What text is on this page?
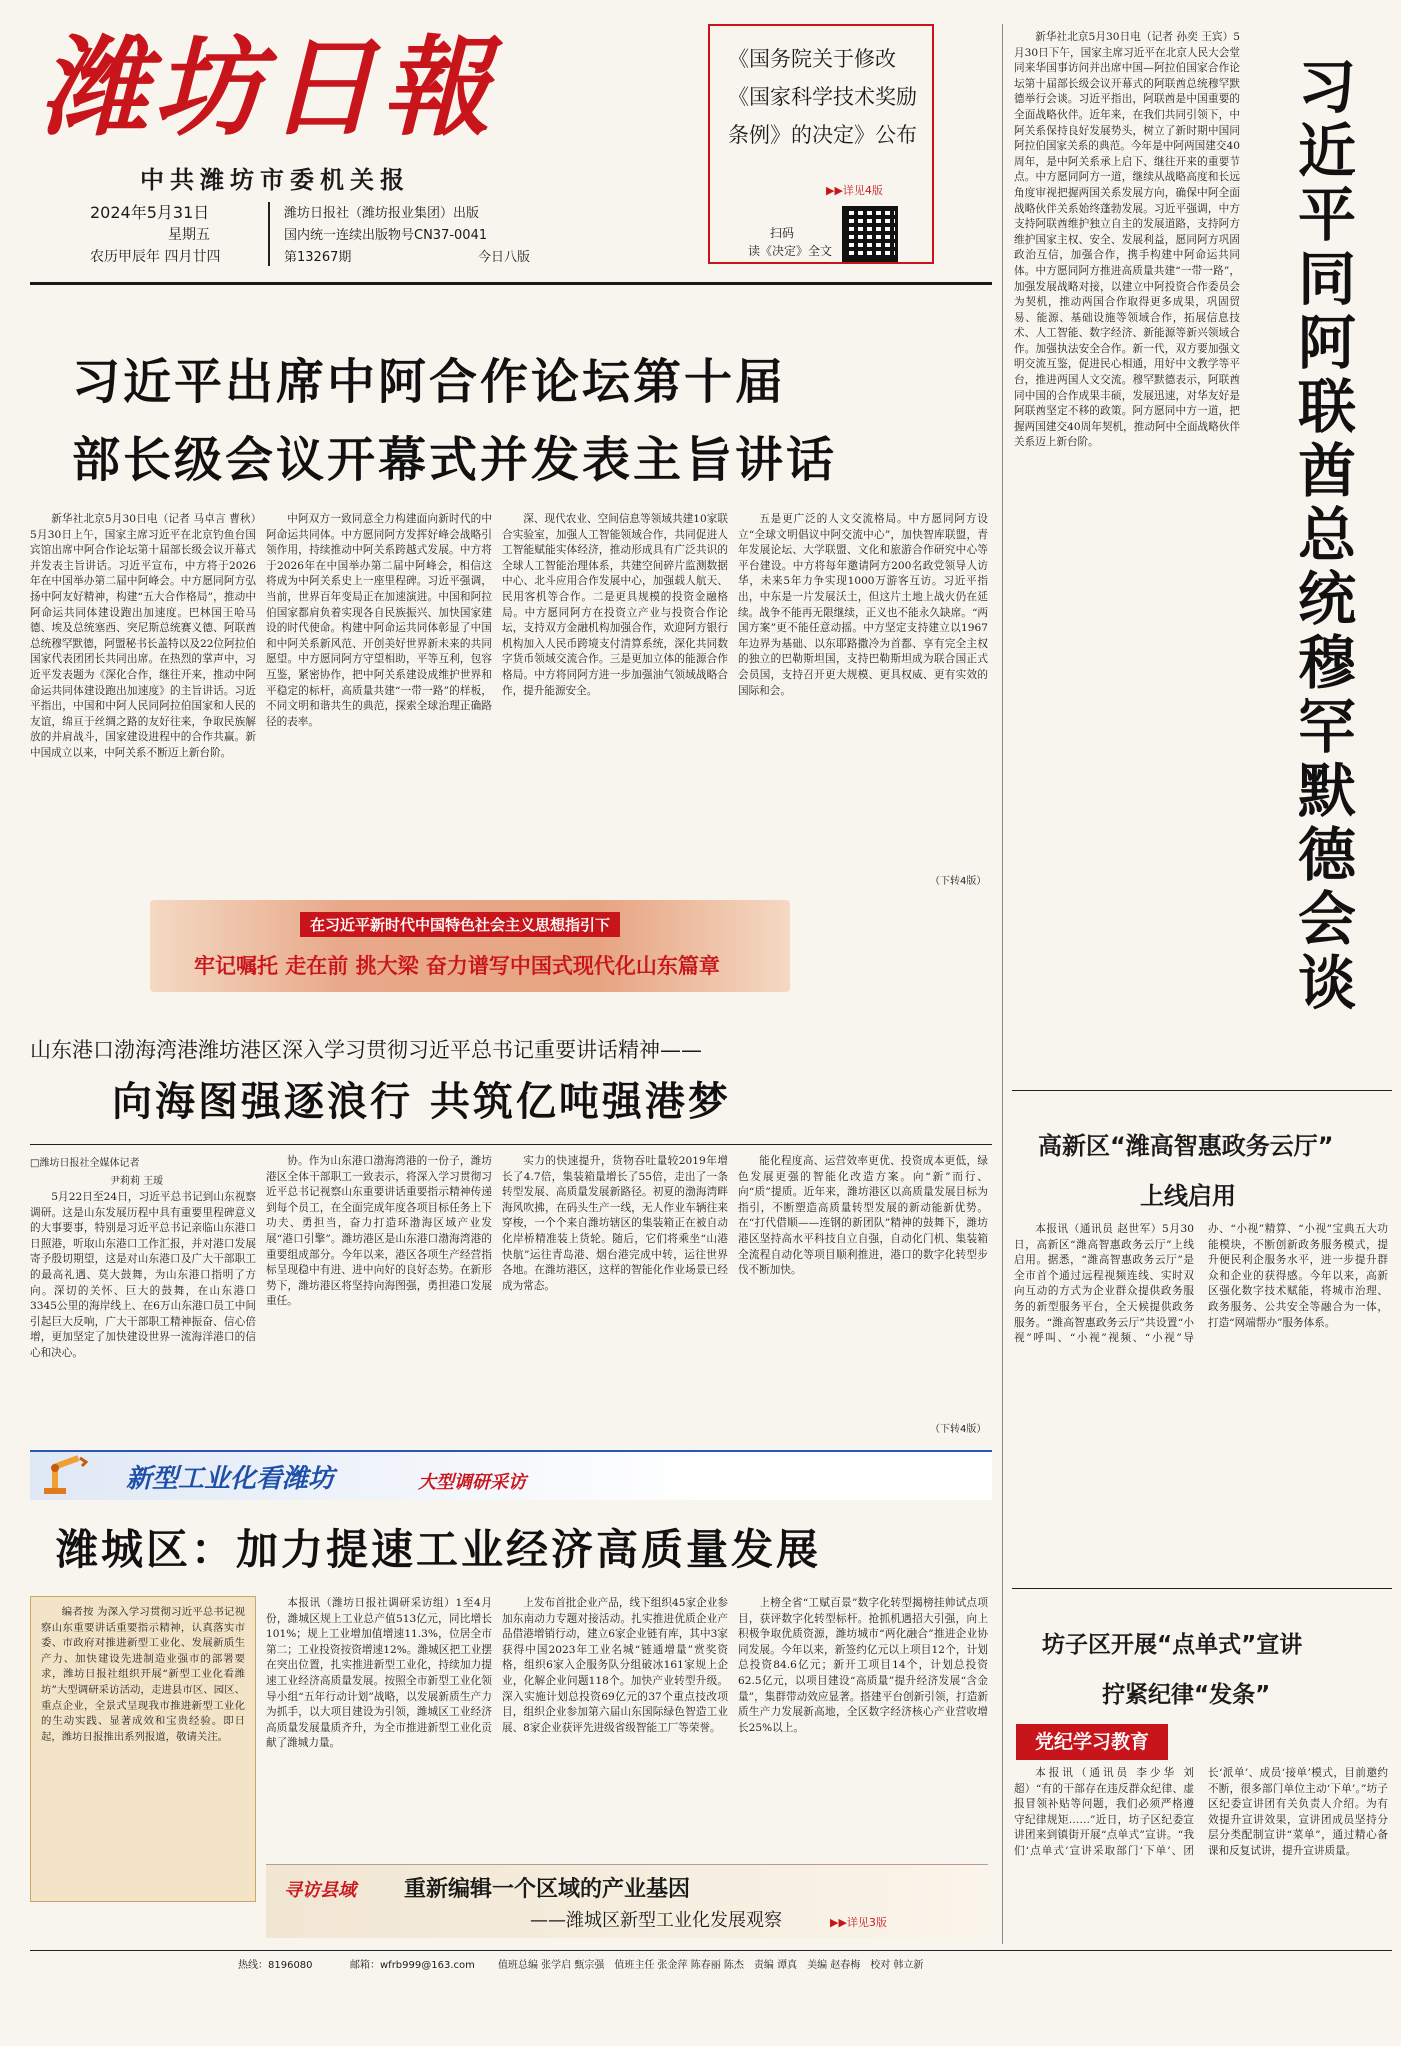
潍坊日報
中共潍坊市委机关报
2024年5月31日
星期五
农历甲辰年 四月廿四
潍坊日报社（潍坊报业集团）出版
国内统一连续出版物号CN37-0041
第13267期	今日八版
《国务院关于修改《国家科学技术奖励条例》的决定》公布
▶▶详见4版
扫码
读《决定》全文
习近平出席中阿合作论坛第十届
部长级会议开幕式并发表主旨讲话

新华社北京5月30日电（记者 马卓言 曹秋）5月30日上午，国家主席习近平在北京钓鱼台国宾馆出席中阿合作论坛第十届部长级会议开幕式并发表主旨讲话。习近平宣布，中方将于2026年在中国举办第二届中阿峰会。中方愿同阿方弘扬中阿友好精神，构建“五大合作格局”，推动中阿命运共同体建设跑出加速度。巴林国王哈马德、埃及总统塞西、突尼斯总统赛义德、阿联酋总统穆罕默德，阿盟秘书长盖特以及22位阿拉伯国家代表团团长共同出席。在热烈的掌声中，习近平发表题为《深化合作，继往开来，推动中阿命运共同体建设跑出加速度》的主旨讲话。习近平指出，中国和中阿人民同阿拉伯国家和人民的友谊，绵亘于丝绸之路的友好往来，争取民族解放的并肩战斗，国家建设进程中的合作共赢。新中国成立以来，中阿关系不断迈上新台阶。

中阿双方一致同意全力构建面向新时代的中阿命运共同体。中方愿同阿方发挥好峰会战略引领作用，持续推动中阿关系跨越式发展。中方将于2026年在中国举办第二届中阿峰会，相信这将成为中阿关系史上一座里程碑。习近平强调，当前，世界百年变局正在加速演进。中国和阿拉伯国家都肩负着实现各自民族振兴、加快国家建设的时代使命。构建中阿命运共同体彰显了中国和中阿关系新风范、开创美好世界新未来的共同愿望。中方愿同阿方守望相助，平等互利，包容互鉴，紧密协作，把中阿关系建设成维护世界和平稳定的标杆，高质量共建“一带一路”的样板，不同文明和谐共生的典范，探索全球治理正确路径的表率。

深、现代农业、空间信息等领域共建10家联合实验室，加强人工智能领域合作，共同促进人工智能赋能实体经济，推动形成具有广泛共识的全球人工智能治理体系，共建空间碎片监测数据中心、北斗应用合作发展中心，加强载人航天、民用客机等合作。二是更具规模的投资金融格局。中方愿同阿方在投资立产业与投资合作论坛，支持双方金融机构加强合作，欢迎阿方银行机构加入人民币跨境支付清算系统，深化共同数字货币领域交流合作。三是更加立体的能源合作格局。中方将同阿方进一步加强油气领域战略合作，提升能源安全。

五是更广泛的人文交流格局。中方愿同阿方设立“全球文明倡议中阿交流中心”，加快智库联盟，青年发展论坛、大学联盟、文化和旅游合作研究中心等平台建设。中方将每年邀请阿方200名政党领导人访华，未来5年力争实现1000万游客互访。习近平指出，中东是一片发展沃土，但这片土地上战火仍在延续。战争不能再无限继续，正义也不能永久缺席。“两国方案”更不能任意动摇。中方坚定支持建立以1967年边界为基础、以东耶路撒冷为首都、享有完全主权的独立的巴勒斯坦国，支持巴勒斯坦成为联合国正式会员国，支持召开更大规模、更具权威、更有实效的国际和会。

（下转4版）

新华社北京5月30日电（记者 孙奕 王宾）5月30日下午，国家主席习近平在北京人民大会堂同来华国事访问并出席中国—阿拉伯国家合作论坛第十届部长级会议开幕式的阿联酋总统穆罕默德举行会谈。习近平指出，阿联酋是中国重要的全面战略伙伴。近年来，在我们共同引领下，中阿关系保持良好发展势头，树立了新时期中国同阿拉伯国家关系的典范。今年是中阿两国建交40周年，是中阿关系承上启下、继往开来的重要节点。中方愿同阿方一道，继续从战略高度和长远角度审视把握两国关系发展方向，确保中阿全面战略伙伴关系始终蓬勃发展。习近平强调，中方支持阿联酋维护独立自主的发展道路，支持阿方维护国家主权、安全、发展利益，愿同阿方巩固政治互信，加强合作，携手构建中阿命运共同体。中方愿同阿方推进高质量共建“一带一路”，加强发展战略对接，以建立中阿投资合作委员会为契机，推动两国合作取得更多成果，巩固贸易、能源、基础设施等领域合作，拓展信息技术、人工智能、数字经济、新能源等新兴领域合作。加强执法安全合作。新一代，双方要加强文明交流互鉴，促进民心相通，用好中文教学等平台，推进两国人文交流。穆罕默德表示，阿联酋同中国的合作成果丰硕，发展迅速，对华友好是阿联酋坚定不移的政策。阿方愿同中方一道，把握两国建交40周年契机，推动阿中全面战略伙伴关系迈上新台阶。	习近平同阿联酋总统穆罕默德会谈
高新区“潍高智惠政务云厅”
上线启用

本报讯（通讯员 赵世军）5月30日，高新区“潍高智惠政务云厅”上线启用。据悉，“潍高智惠政务云厅”是全市首个通过远程视频连线、实时双向互动的方式为企业群众提供政务服务的新型服务平台，全天候提供政务服务。“潍高智惠政务云厅”共设置“小视”呼叫、“小视”视频、“小视”导办、“小视”精算、“小视”宝典五大功能模块，不断创新政务服务模式，提升便民利企服务水平，进一步提升群众和企业的获得感。今年以来，高新区强化数字技术赋能，将城市治理、政务服务、公共安全等融合为一体，打造“网端帮办”服务体系。

坊子区开展“点单式”宣讲
拧紧纪律“发条”
党纪学习教育

本报讯（通讯员 李少华 刘超）“有的干部存在违反群众纪律、虚报冒领补贴等问题，我们必须严格遵守纪律规矩……”近日，坊子区纪委宣讲团来到镇街开展“点单式”宣讲。“我们‘点单式’宣讲采取部门‘下单’、团长‘派单’、成员‘接单’模式，目前邀约不断，很多部门单位主动‘下单’。”坊子区纪委宣讲团有关负责人介绍。为有效提升宣讲效果，宣讲团成员坚持分层分类配制宣讲“菜单”，通过精心备课和反复试讲，提升宣讲质量。

在习近平新时代中国特色社会主义思想指引下
牢记嘱托 走在前 挑大梁 奋力谱写中国式现代化山东篇章
山东港口渤海湾港潍坊港区深入学习贯彻习近平总书记重要讲话精神——
向海图强逐浪行 共筑亿吨强港梦
□潍坊日报社全媒体记者
尹莉莉 王瑷

5月22日至24日，习近平总书记到山东视察调研。这是山东发展历程中具有重要里程碑意义的大事要事，特别是习近平总书记亲临山东港口日照港，听取山东港口工作汇报，并对港口发展寄予殷切期望，这是对山东港口及广大干部职工的最高礼遇、莫大鼓舞，为山东港口指明了方向。深切的关怀、巨大的鼓舞，在山东港口3345公里的海岸线上、在6万山东港口员工中间引起巨大反响，广大干部职工精神振奋、信心倍增，更加坚定了加快建设世界一流海洋港口的信心和决心。

协。作为山东港口渤海湾港的一份子，潍坊港区全体干部职工一致表示，将深入学习贯彻习近平总书记视察山东重要讲话重要指示精神传递到每个员工，在全面完成年度各项目标任务上下功夫、勇担当，奋力打造环渤海区域产业发展“港口引擎”。潍坊港区是山东港口渤海湾港的重要组成部分。今年以来，港区各项生产经营指标呈现稳中有进、进中向好的良好态势。在新形势下，潍坊港区将坚持向海图强，勇担港口发展重任。

实力的快速提升，货物吞吐量较2019年增长了4.7倍，集装箱量增长了55倍，走出了一条转型发展、高质量发展新路径。初夏的渤海湾畔海风吹拂，在码头生产一线，无人作业车辆往来穿梭，一个个来自潍坊辖区的集装箱正在被自动化岸桥精准装上货轮。随后，它们将乘坐“山港快航”运往青岛港、烟台港完成中转，运往世界各地。在潍坊港区，这样的智能化作业场景已经成为常态。

能化程度高、运营效率更优、投资成本更低，绿色发展更强的智能化改造方案。向“新”而行、向“质”提质。近年来，潍坊港区以高质量发展目标为指引，不断塑造高质量转型发展的新动能新优势。在“打代借顺——连钢的新团队”精神的鼓舞下，潍坊港区坚持高水平科技自立自强，自动化门机、集装箱全流程自动化等项目顺利推进，港口的数字化转型步伐不断加快。

（下转4版）
新型工业化看潍坊	大型调研采访
潍城区：加力提速工业经济高质量发展
编者按 为深入学习贯彻习近平总书记视察山东重要讲话重要指示精神，认真落实市委、市政府对推进新型工业化、发展新质生产力、加快建设先进制造业强市的部署要求，潍坊日报社组织开展“新型工业化看潍坊”大型调研采访活动，走进县市区、园区、重点企业，全景式呈现我市推进新型工业化的生动实践、显著成效和宝贵经验。即日起，潍坊日报推出系列报道，敬请关注。

本报讯（潍坊日报社调研采访组）1至4月份，潍城区规上工业总产值513亿元，同比增长101%；规上工业增加值增速11.3%，位居全市第二；工业投资按资增速12%。潍城区把工业摆在突出位置，扎实推进新型工业化，持续加力提速工业经济高质量发展。按照全市新型工业化领导小组“五年行动计划”战略，以发展新质生产力为抓手，以大项目建设为引领，潍城区工业经济高质量发展量质齐升，为全市推进新型工业化贡献了潍城力量。

上发布首批企业产品，线下组织45家企业参加东南动力专题对接活动。扎实推进优质企业产品借港增销行动，建立6家企业链有库，其中3家获得中国2023年工业名城“链通增量”赏奖资格，组织6家入企服务队分组破冰161家规上企业，化解企业问题118个。加快产业转型升级。深入实施计划总投资69亿元的37个重点技改项目，组织企业参加第六届山东国际绿色智造工业展、8家企业获评先进级省级智能工厂等荣誉。

上榜全省“工赋百景”数字化转型揭榜挂帅试点项目，获评数字化转型标杆。抢抓机遇招大引强，向上积极争取优质资源，潍坊城市“两化融合”推进企业协同发展。今年以来，新签约亿元以上项目12个，计划总投资84.6亿元；新开工项目14个，计划总投资62.5亿元，以项目建设“高质量”提升经济发展“含金量”，集群带动效应显著。搭建平台创新引领，打造新质生产力发展新高地，全区数字经济核心产业营收增长25%以上。

寻访县域 重新编辑一个区域的产业基因
——潍城区新型工业化发展观察	▶▶详见3版
热线：8196080	邮箱：wfrb999@163.com 值班总编 张学启 甄宗强　值班主任 张金萍 陈春丽 陈杰　责编 谭真　美编 赵春梅　校对 韩立新
